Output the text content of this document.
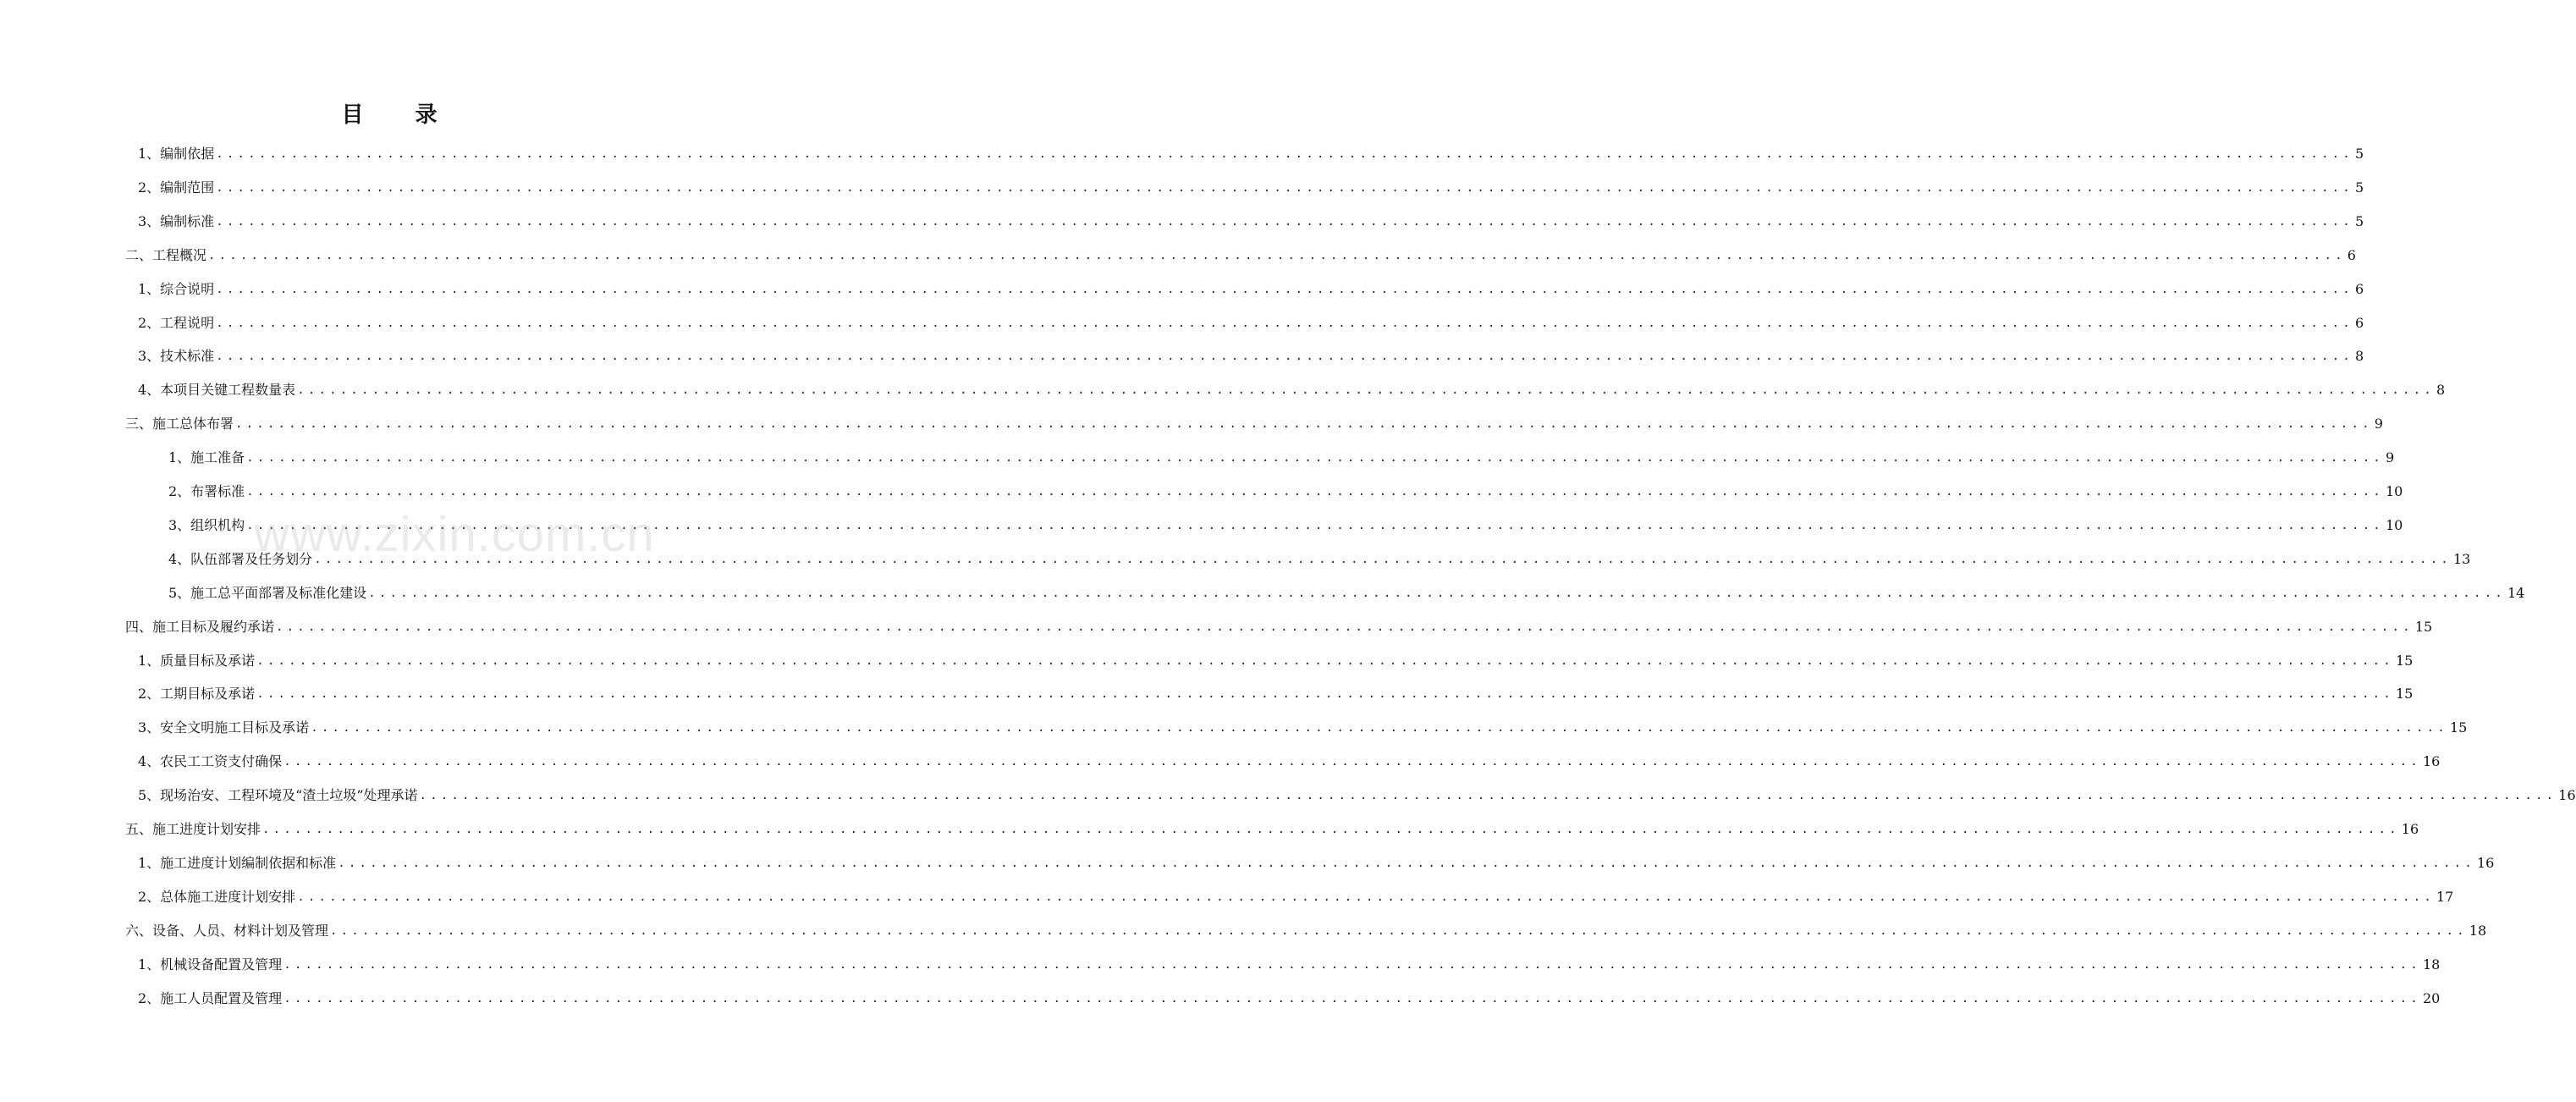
目 录
1、编制依据 ........................................................................................................................................................................................................ 5
2、编制范围 ........................................................................................................................................................................................................ 5
3、编制标准 ........................................................................................................................................................................................................ 5
二、工程概况 ........................................................................................................................................................................................................ 6
1、综合说明 ........................................................................................................................................................................................................ 6
2、工程说明 ........................................................................................................................................................................................................ 6
3、技术标准 ........................................................................................................................................................................................................ 8
4、本项目关键工程数量表 ........................................................................................................................................................................................................ 8
三、施工总体布署 ........................................................................................................................................................................................................ 9
1、施工准备 ........................................................................................................................................................................................................ 9
2、布署标准 ........................................................................................................................................................................................................ 10
3、组织机构 ........................................................................................................................................................................................................ 10
4、队伍部署及任务划分 ........................................................................................................................................................................................................ 13
5、施工总平面部署及标准化建设 ........................................................................................................................................................................................................ 14
四、施工目标及履约承诺 ........................................................................................................................................................................................................ 15
1、质量目标及承诺 ........................................................................................................................................................................................................ 15
2、工期目标及承诺 ........................................................................................................................................................................................................ 15
3、安全文明施工目标及承诺 ........................................................................................................................................................................................................ 15
4、农民工工资支付确保 ........................................................................................................................................................................................................ 16
5、现场治安、工程环境及“渣土垃圾”处理承诺 ........................................................................................................................................................................................................ 16
五、施工进度计划安排 ........................................................................................................................................................................................................ 16
1、施工进度计划编制依据和标准 ........................................................................................................................................................................................................ 16
2、总体施工进度计划安排 ........................................................................................................................................................................................................ 17
六、设备、人员、材料计划及管理 ........................................................................................................................................................................................................ 18
1、机械设备配置及管理 ........................................................................................................................................................................................................ 18
2、施工人员配置及管理 ........................................................................................................................................................................................................ 20
www.zixin.com.cn
